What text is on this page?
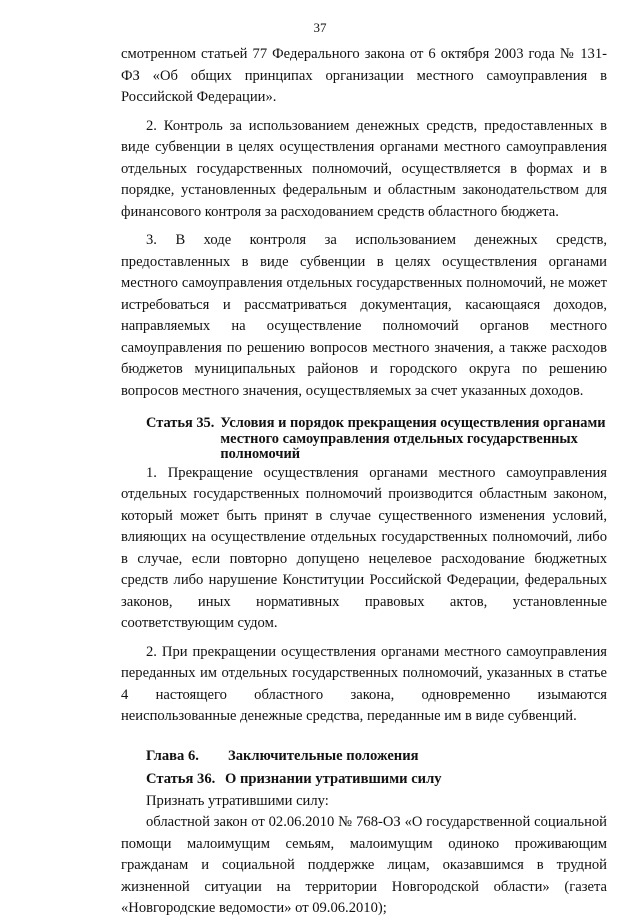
37

смотренном статьей 77 Федерального закона от 6 октября 2003 года № 131-ФЗ «Об общих принципах организации местного самоуправления в Российской Федерации».

2. Контроль за использованием денежных средств, предоставленных в виде субвенции в целях осуществления органами местного самоуправления отдельных государственных полномочий, осуществляется в формах и в порядке, установленных федеральным и областным законодательством для финансового контроля за расходованием средств областного бюджета.

3. В ходе контроля за использованием денежных средств, предоставленных в виде субвенции в целях осуществления органами местного самоуправления отдельных государственных полномочий, не может истребоваться и рассматриваться документация, касающаяся доходов, направляемых на осуществление полномочий органов местного самоуправления по решению вопросов местного значения, а также расходов бюджетов муниципальных районов и городского округа по решению вопросов местного значения, осуществляемых за счет указанных доходов.

Статья 35. Условия и порядок прекращения осуществления органами местного самоуправления отдельных государственных полномочий

1. Прекращение осуществления органами местного самоуправления отдельных государственных полномочий производится областным законом, который может быть принят в случае существенного изменения условий, влияющих на осуществление отдельных государственных полномочий, либо в случае, если повторно допущено нецелевое расходование бюджетных средств либо нарушение Конституции Российской Федерации, федеральных законов, иных нормативных правовых актов, установленные соответствующим судом.

2. При прекращении осуществления органами местного самоуправления переданных им отдельных государственных полномочий, указанных в статье 4 настоящего областного закона, одновременно изымаются неиспользованные денежные средства, переданные им в виде субвенций.

Глава 6.	Заключительные положения
Статья 36. О признании утратившими силу
Признать утратившими силу:

областной закон от 02.06.2010 № 768-ОЗ «О государственной социальной помощи малоимущим семьям, малоимущим одиноко проживающим гражданам и социальной поддержке лицам, оказавшимся в трудной жизненной ситуации на территории Новгородской области» (газета «Новгородские ведомости» от 09.06.2010);
